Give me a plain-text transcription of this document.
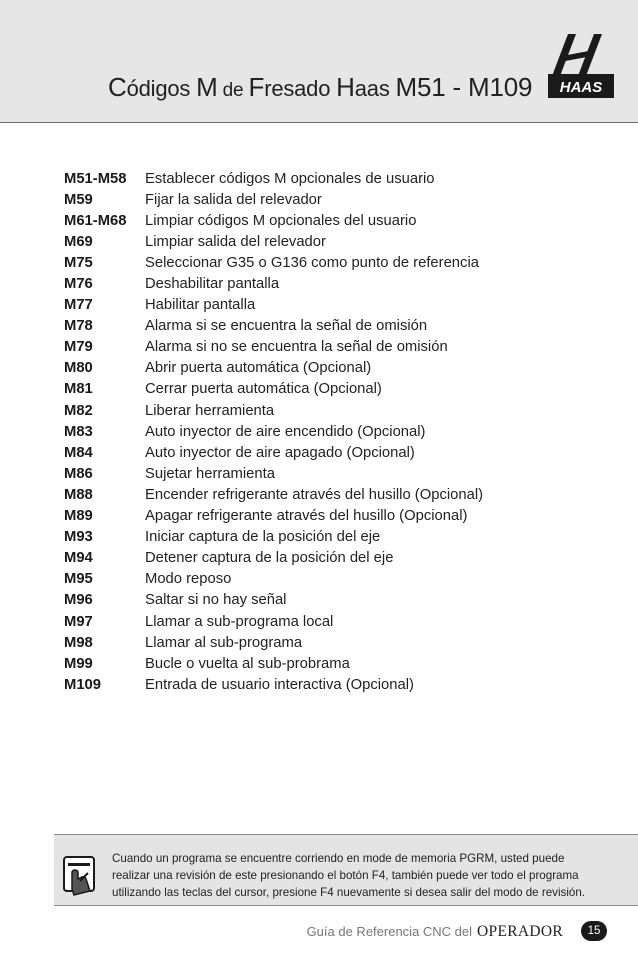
Códigos M de Fresado Haas M51 - M109 HAAS
M51-M58	Establecer códigos M opcionales de usuario
M59	Fijar la salida del relevador
M61-M68	Limpiar códigos M opcionales del usuario
M69	Limpiar salida del relevador
M75	Seleccionar G35 o G136 como punto de referencia
M76	Deshabilitar pantalla
M77	Habilitar pantalla
M78	Alarma si se encuentra la señal de omisión
M79	Alarma si no se encuentra la señal de omisión
M80	Abrir puerta automática (Opcional)
M81	Cerrar puerta automática (Opcional)
M82	Liberar herramienta
M83	Auto inyector de aire encendido (Opcional)
M84	Auto inyector de aire apagado (Opcional)
M86	Sujetar herramienta
M88	Encender refrigerante através del husillo (Opcional)
M89	Apagar refrigerante através del husillo (Opcional)
M93	Iniciar captura de la posición del eje
M94	Detener captura de la posición del eje
M95	Modo reposo
M96	Saltar si no hay señal
M97	Llamar a sub-programa local
M98	Llamar al sub-programa
M99	Bucle o vuelta al sub-probrama
M109	Entrada de usuario interactiva (Opcional)
Cuando un programa se encuentre corriendo en mode de memoria PGRM, usted puede
realizar una revisión de este presionando el botón F4, también puede ver todo el programa
utilizando las teclas del cursor, presione F4 nuevamente si desea salir del modo de revisión.
Guía de Referencia CNC del OPERADOR	15
